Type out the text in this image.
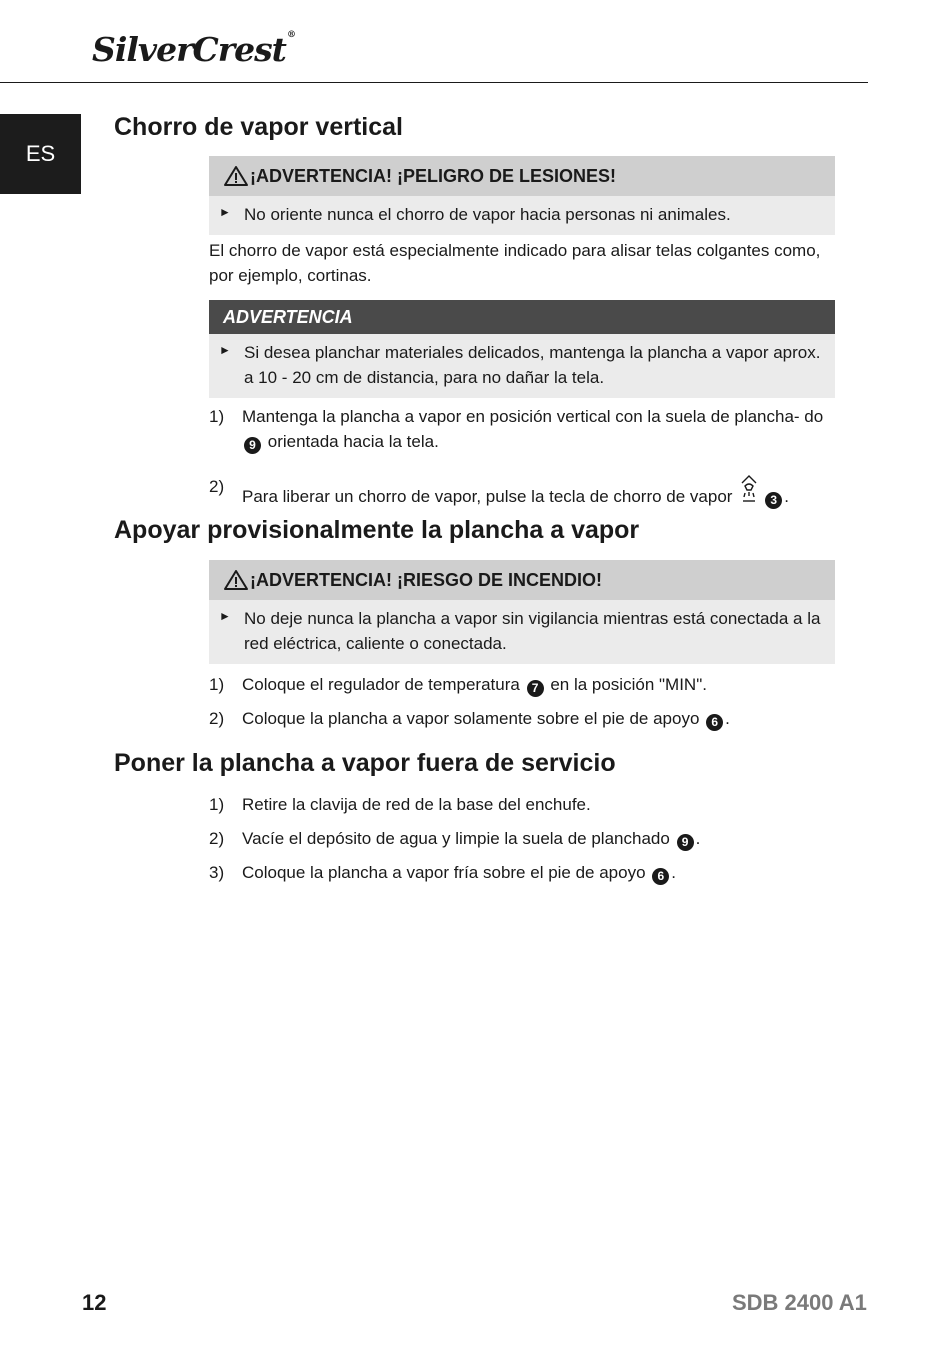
SilverCrest®
ES
Chorro de vapor vertical
¡ADVERTENCIA! ¡PELIGRO DE LESIONES!
► No oriente nunca el chorro de vapor hacia personas ni animales.
El chorro de vapor está especialmente indicado para alisar telas colgantes como, por ejemplo, cortinas.
ADVERTENCIA
► Si desea planchar materiales delicados, mantenga la plancha a vapor aprox. a 10 - 20 cm de distancia, para no dañar la tela.
1)	Mantenga la plancha a vapor en posición vertical con la suela de plancha- do 9 orientada hacia la tela.
2)
Para liberar un chorro de vapor, pulse la tecla de chorro de vapor	3 .
Apoyar provisionalmente la plancha a vapor
¡ADVERTENCIA! ¡RIESGO DE INCENDIO!
► No deje nunca la plancha a vapor sin vigilancia mientras está conectada a la red eléctrica, caliente o conectada.
1)	Coloque el regulador de temperatura 7 en la posición "MIN".
2)	Coloque la plancha a vapor solamente sobre el pie de apoyo 6 .
Poner la plancha a vapor fuera de servicio
1)	Retire la clavija de red de la base del enchufe.
2)	Vacíe el depósito de agua y limpie la suela de planchado 9 .
3)	Coloque la plancha a vapor fría sobre el pie de apoyo 6 .
12	SDB 2400 A1
